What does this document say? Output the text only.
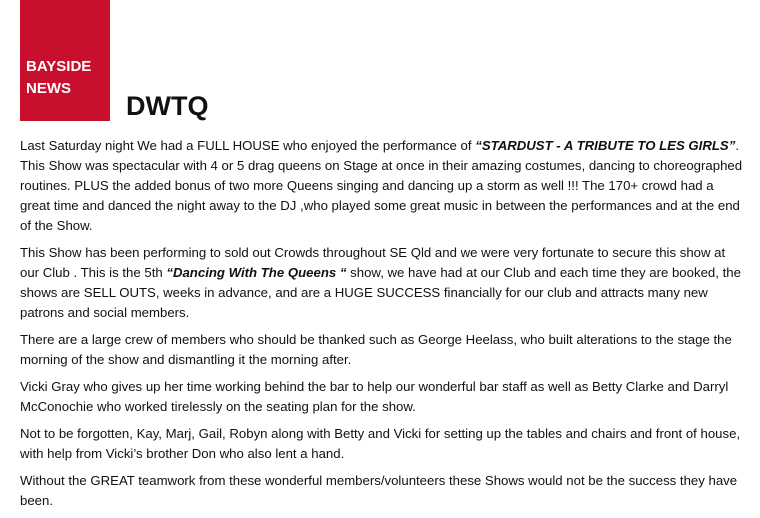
BAYSIDE
NEWS
DWTQ

Last Saturday night We had a FULL HOUSE who enjoyed the performance of “STARDUST - A TRIBUTE TO LES GIRLS”. This Show was spectacular with 4 or 5 drag queens on Stage at once in their amazing costumes, dancing to choreographed routines. PLUS the added bonus of two more Queens singing and dancing up a storm as well !!! The 170+ crowd had a great time and danced the night away to the DJ ,who played some great music in between the performances and at the end of the Show.

This Show has been performing to sold out Crowds throughout SE Qld and we were very fortunate to secure this show at our Club . This is the 5th “Dancing With The Queens “ show, we have had at our Club and each time they are booked, the shows are SELL OUTS, weeks in advance, and are a HUGE SUCCESS financially for our club and attracts many new patrons and social members.

There are a large crew of members who should be thanked such as George Heelass, who built alterations to the stage the morning of the show and dismantling it the morning after.

Vicki Gray who gives up her time working behind the bar to help our wonderful bar staff as well as Betty Clarke and Darryl McConochie who worked tirelessly on the seating plan for the show.

Not to be forgotten, Kay, Marj, Gail, Robyn along with Betty and Vicki for setting up the tables and chairs and front of house, with help from Vicki’s brother Don who also lent a hand.

Without the GREAT teamwork from these wonderful members/volunteers these Shows would not be the success they have been.
